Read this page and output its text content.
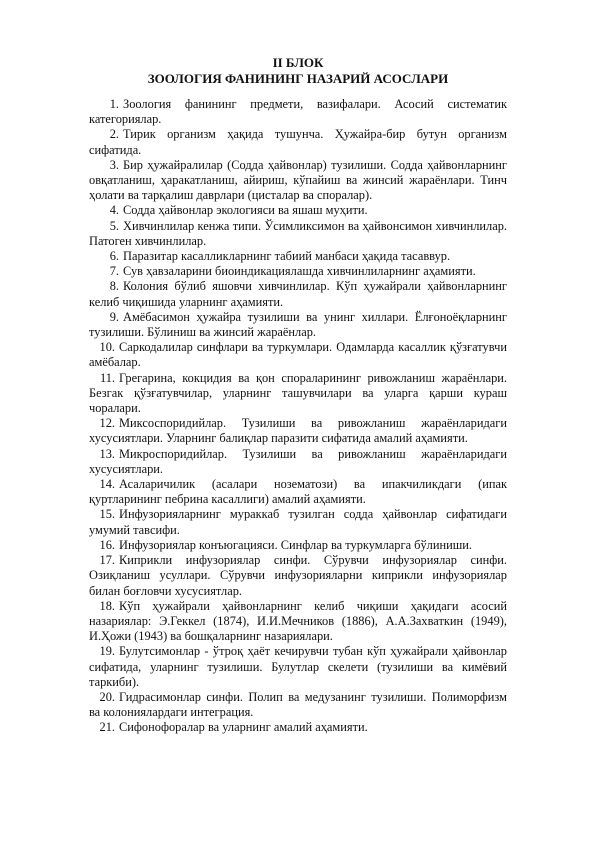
II БЛОК

ЗООЛОГИЯ ФАНИНИНГ НАЗАРИЙ АСОСЛАРИ

1. Зоология фанининг предмети, вазифалари. Асосий систематик категориялар.
2. Тирик организм ҳақида тушунча. Ҳужайра-бир бутун организм сифатида.
3. Бир ҳужайралилар (Содда ҳайвонлар) тузилиши. Содда ҳайвонларнинг овқатланиш, ҳаракатланиш, айириш, кўпайиш ва жинсий жараёнлари. Тинч ҳолати ва тарқалиш даврлари (цисталар ва споралар).
4. Содда ҳайвонлар экологияси ва яшаш муҳити.
5. Хивчинлилар кенжа типи. Ўсимликсимон ва ҳайвонсимон хивчинлилар. Патоген хивчинлилар.
6. Паразитар касалликларнинг табиий манбаси ҳақида тасаввур.
7. Сув ҳавзаларини биоиндикациялашда хивчинлиларнинг аҳамияти.
8. Колония бўлиб яшовчи хивчинлилар. Кўп ҳужайрали ҳайвонларнинг келиб чиқишида уларнинг аҳамияти.
9. Амёбасимон ҳужайра тузилиши ва унинг хиллари. Ёлғоноёқларнинг тузилиши. Бўлиниш ва жинсий жараёнлар.
10. Саркодалилар синфлари ва туркумлари. Одамларда касаллик қўзғатувчи амёбалар.
11. Грегарина, кокцидия ва қон спораларининг ривожланиш жараёнлари. Безгак қўзғатувчилар, уларнинг ташувчилари ва уларга қарши кураш чоралари.
12. Миксоспоридийлар. Тузилиши ва ривожланиш жараёнларидаги хусусиятлари. Уларнинг балиқлар паразити сифатида амалий аҳамияти.
13. Микроспоридийлар. Тузилиши ва ривожланиш жараёнларидаги хусусиятлари.
14. Асаларичилик (асалари нозематози) ва ипакчиликдаги (ипак қуртларининг пебрина касаллиги) амалий аҳамияти.
15. Инфузорияларнинг мураккаб тузилган содда ҳайвонлар сифатидаги умумий тавсифи.
16. Инфузориялар конъюгацияси. Синфлар ва туркумларга бўлиниши.
17. Киприкли инфузориялар синфи. Сўрувчи инфузориялар синфи. Озиқланиш усуллари. Сўрувчи инфузорияларни киприкли инфузориялар билан боғловчи хусусиятлар.
18. Кўп ҳужайрали ҳайвонларнинг келиб чиқиши ҳақидаги асосий назариялар: Э.Геккел (1874), И.И.Мечников (1886), А.А.Захваткин (1949), И.Ҳожи (1943) ва бошқаларнинг назариялари.
19. Булутсимонлар - ўтроқ ҳаёт кечирувчи тубан кўп ҳужайрали ҳайвонлар сифатида, уларнинг тузилиши. Булутлар скелети (тузилиши ва кимёвий таркиби).
20. Гидрасимонлар синфи. Полип ва медузанинг тузилиши. Полиморфизм ва колониялардаги интеграция.
21. Сифонофоралар ва уларнинг амалий аҳамияти.
